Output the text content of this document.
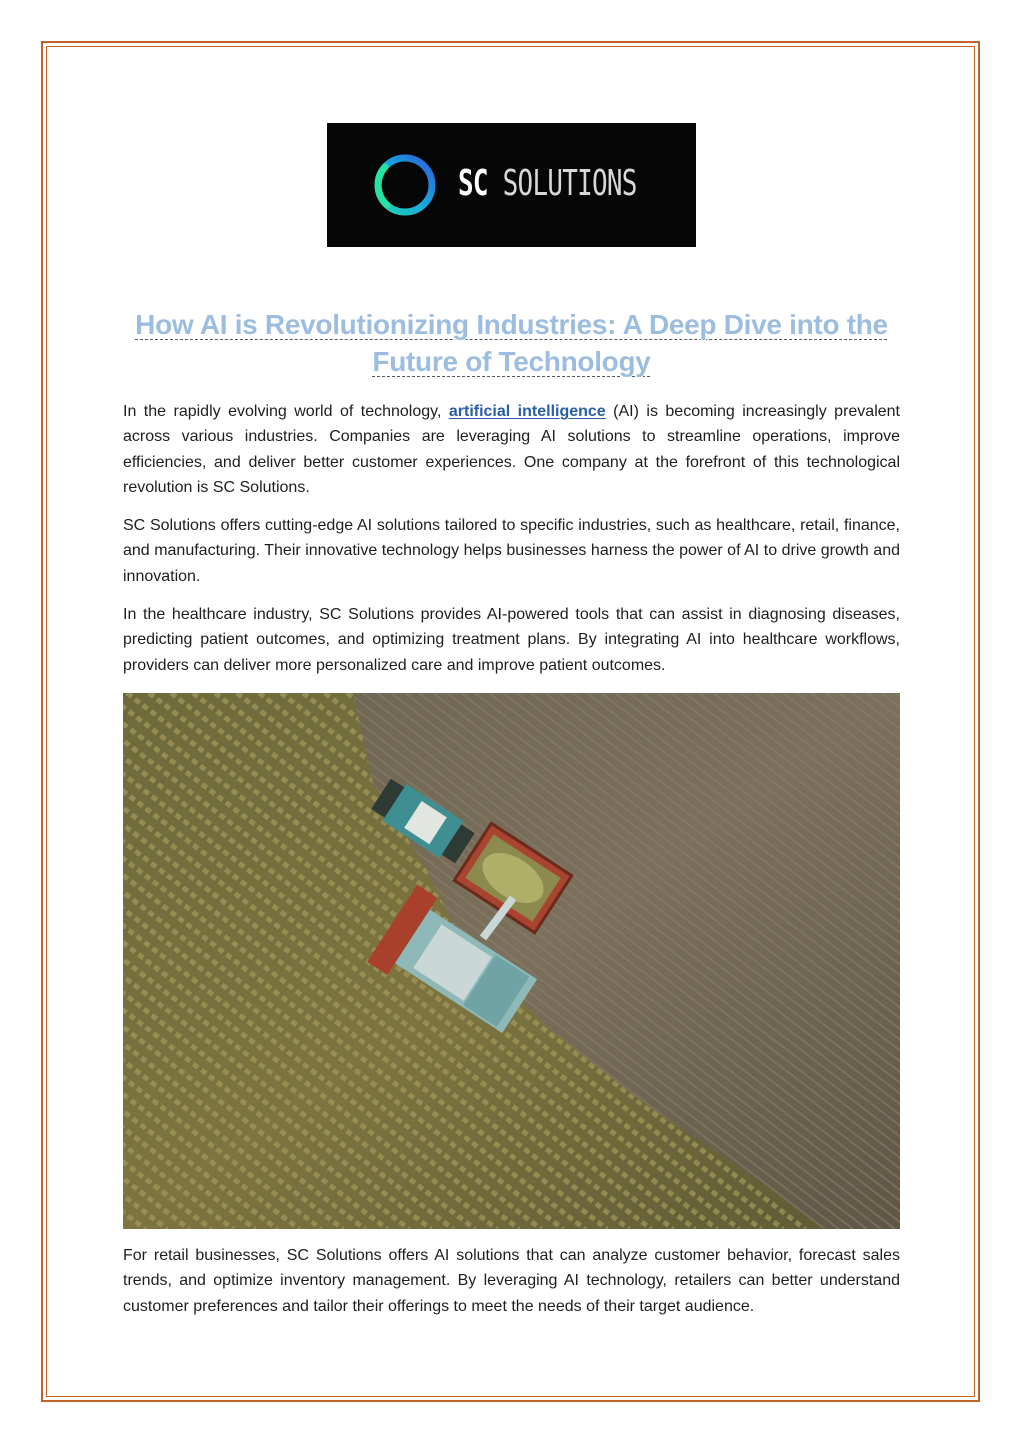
SC SOLUTIONS
How AI is Revolutionizing Industries: A Deep Dive into the Future of Technology

In the rapidly evolving world of technology, artificial intelligence (AI) is becoming increasingly prevalent across various industries. Companies are leveraging AI solutions to streamline operations, improve efficiencies, and deliver better customer experiences. One company at the forefront of this technological revolution is SC Solutions.

SC Solutions offers cutting-edge AI solutions tailored to specific industries, such as healthcare, retail, finance, and manufacturing. Their innovative technology helps businesses harness the power of AI to drive growth and innovation.

In the healthcare industry, SC Solutions provides AI-powered tools that can assist in diagnosing diseases, predicting patient outcomes, and optimizing treatment plans. By integrating AI into healthcare workflows, providers can deliver more personalized care and improve patient outcomes.

For retail businesses, SC Solutions offers AI solutions that can analyze customer behavior, forecast sales trends, and optimize inventory management. By leveraging AI technology, retailers can better understand customer preferences and tailor their offerings to meet the needs of their target audience.
